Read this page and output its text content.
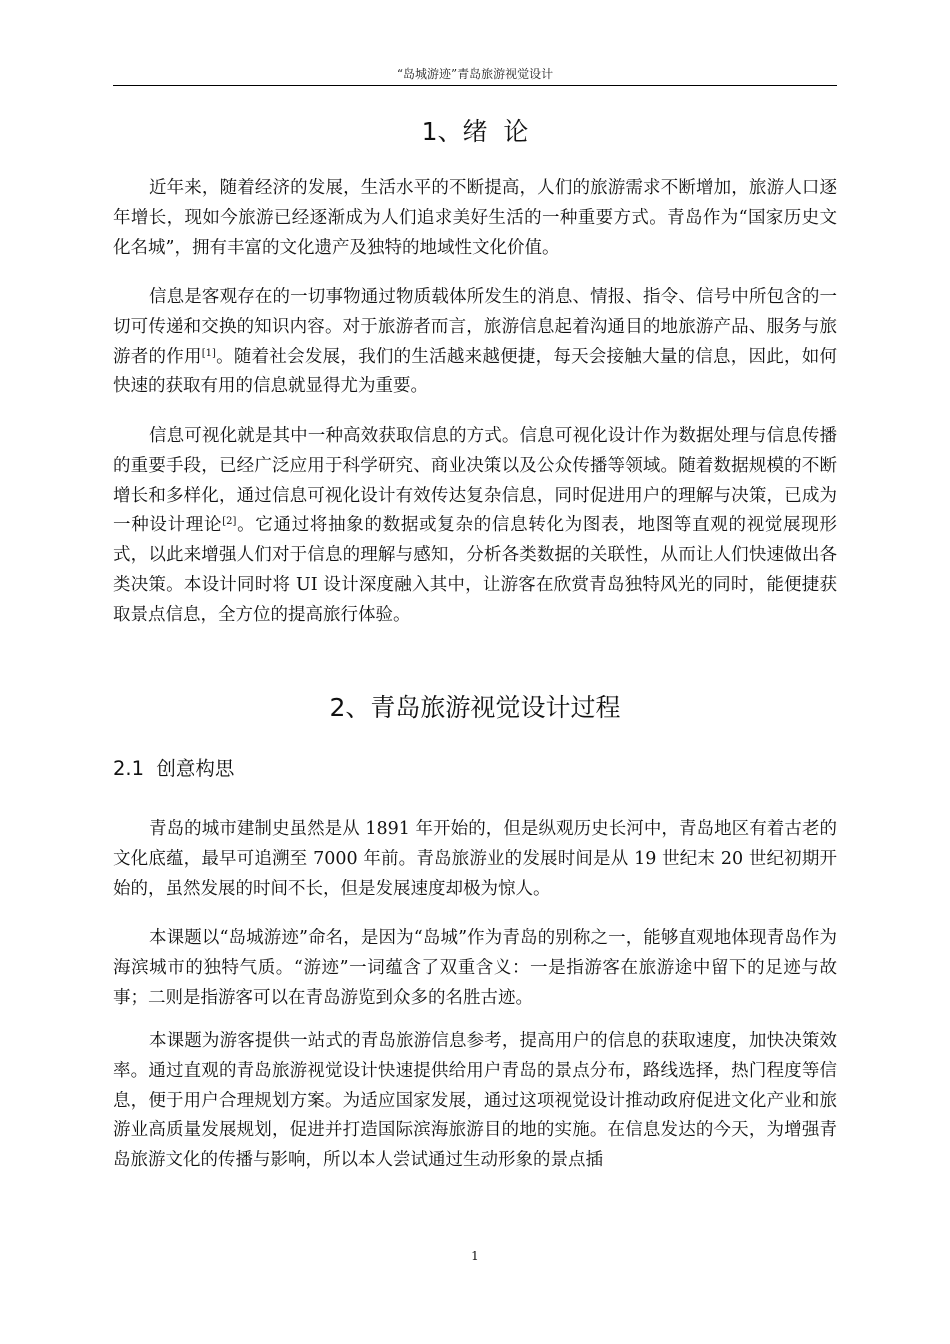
“岛城游迹”青岛旅游视觉设计
1、绪  论

近年来，随着经济的发展，生活水平的不断提高，人们的旅游需求不断增加，旅游人口逐年增长，现如今旅游已经逐渐成为人们追求美好生活的一种重要方式。青岛作为“国家历史文化名城”，拥有丰富的文化遗产及独特的地域性文化价值。

信息是客观存在的一切事物通过物质载体所发生的消息、情报、指令、信号中所包含的一切可传递和交换的知识内容。对于旅游者而言，旅游信息起着沟通目的地旅游产品、服务与旅游者的作用[1]。随着社会发展，我们的生活越来越便捷，每天会接触大量的信息，因此，如何快速的获取有用的信息就显得尤为重要。

信息可视化就是其中一种高效获取信息的方式。信息可视化设计作为数据处理与信息传播的重要手段，已经广泛应用于科学研究、商业决策以及公众传播等领域。随着数据规模的不断增长和多样化，通过信息可视化设计有效传达复杂信息，同时促进用户的理解与决策，已成为一种设计理论[2]。它通过将抽象的数据或复杂的信息转化为图表，地图等直观的视觉展现形式，以此来增强人们对于信息的理解与感知，分析各类数据的关联性，从而让人们快速做出各类决策。本设计同时将 UI 设计深度融入其中，让游客在欣赏青岛独特风光的同时，能便捷获取景点信息，全方位的提高旅行体验。

2、青岛旅游视觉设计过程
2.1  创意构思

青岛的城市建制史虽然是从 1891 年开始的，但是纵观历史长河中，青岛地区有着古老的文化底蕴，最早可追溯至 7000 年前。青岛旅游业的发展时间是从 19 世纪末 20 世纪初期开始的，虽然发展的时间不长，但是发展速度却极为惊人。

本课题以“岛城游迹”命名，是因为“岛城”作为青岛的别称之一，能够直观地体现青岛作为海滨城市的独特气质。“游迹”一词蕴含了双重含义：一是指游客在旅游途中留下的足迹与故事；二则是指游客可以在青岛游览到众多的名胜古迹。

本课题为游客提供一站式的青岛旅游信息参考，提高用户的信息的获取速度，加快决策效率。通过直观的青岛旅游视觉设计快速提供给用户青岛的景点分布，路线选择，热门程度等信息，便于用户合理规划方案。为适应国家发展，通过这项视觉设计推动政府促进文化产业和旅游业高质量发展规划，促进并打造国际滨海旅游目的地的实施。在信息发达的今天，为增强青岛旅游文化的传播与影响，所以本人尝试通过生动形象的景点插

1
